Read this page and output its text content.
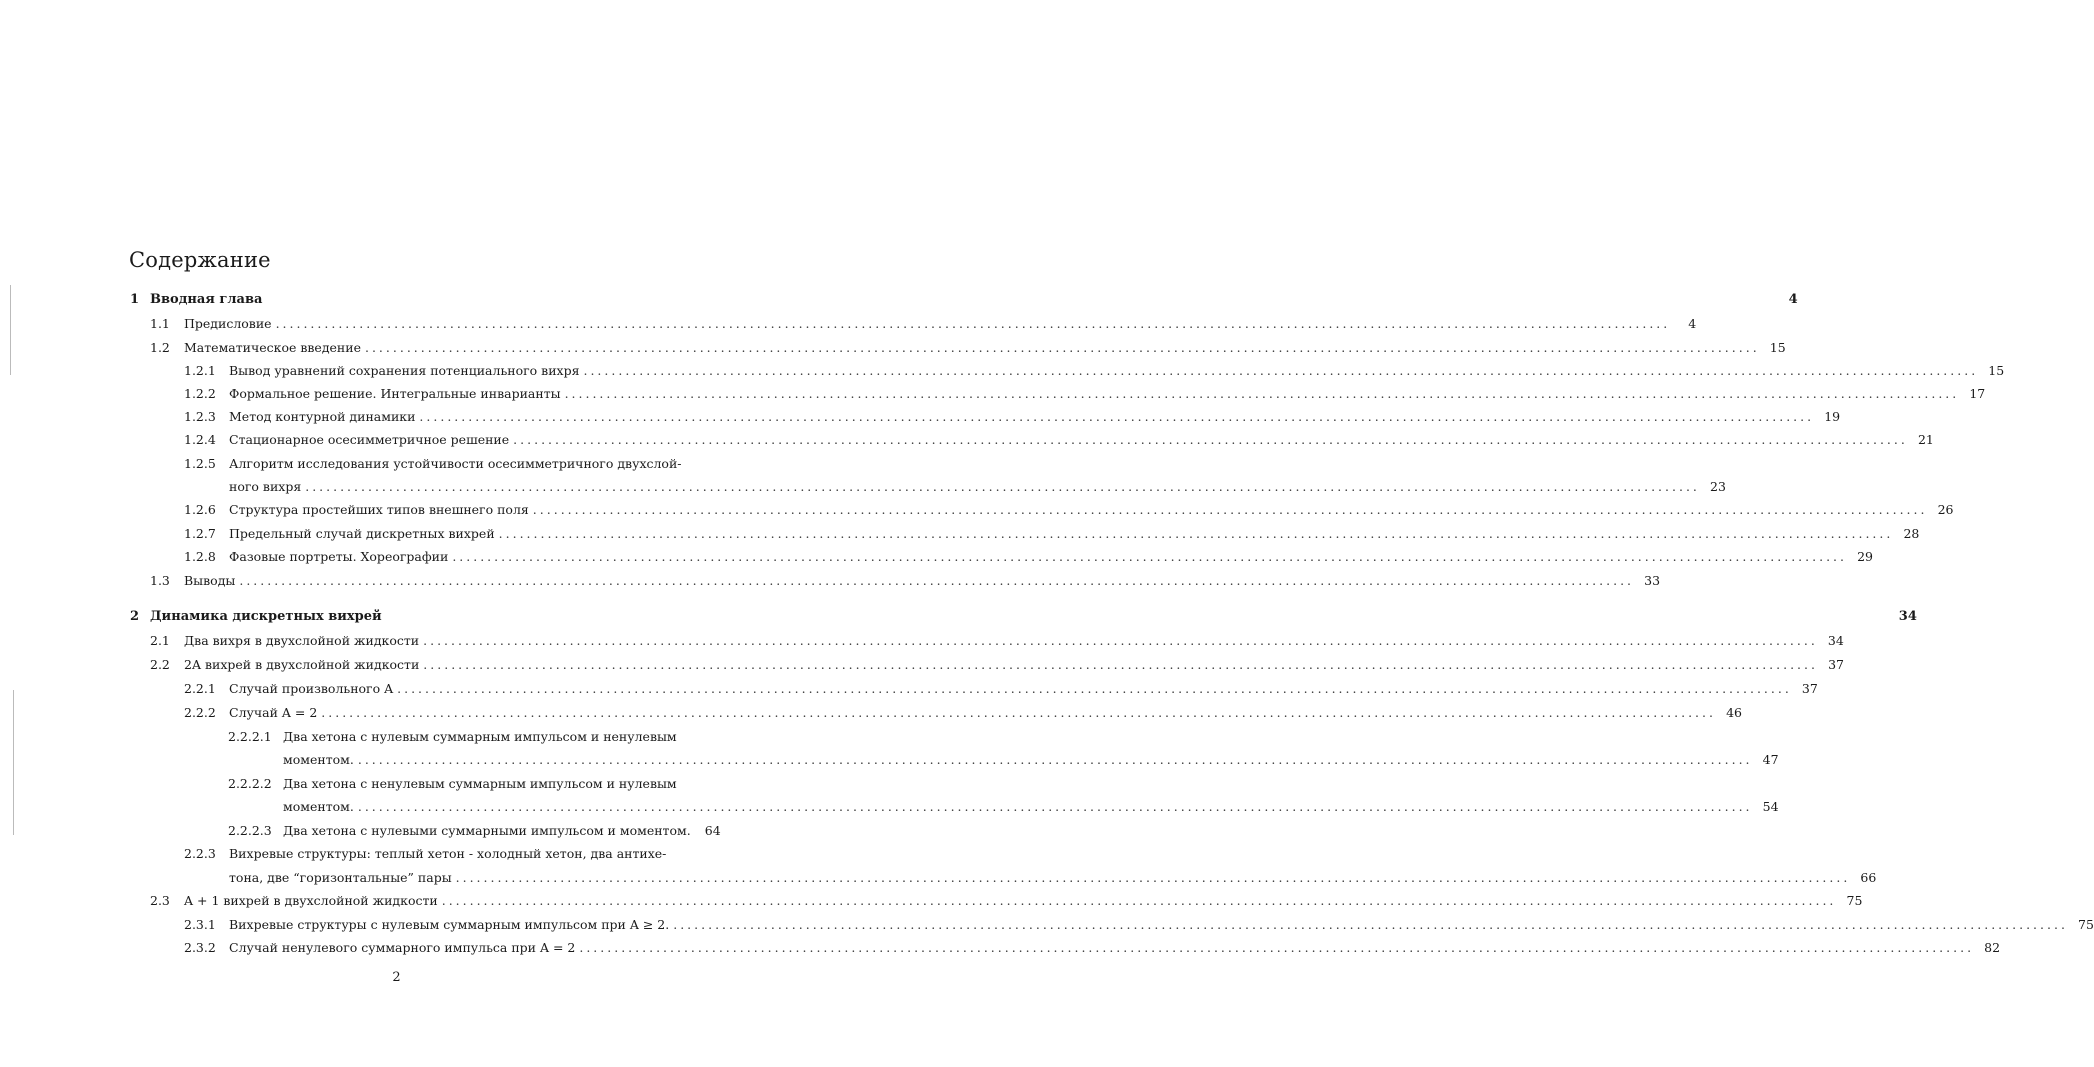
Содержание
1 Вводная глава	4
1.1	Предисловие ........................................................................................................................................................................................................	4
1.2	Математическое введение ........................................................................................................................................................................................................ 15
1.2.1	Вывод уравнений сохранения потенциального вихря ........................................................................................................................................................................................................ 15
1.2.2	Формальное решение. Интегральные инварианты ........................................................................................................................................................................................................ 17
1.2.3	Метод контурной динамики ........................................................................................................................................................................................................ 19
1.2.4	Стационарное осесимметричное решение ........................................................................................................................................................................................................ 21
1.2.5	Алгоритм исследования устойчивости осесимметричного двухслой-
ного вихря ........................................................................................................................................................................................................ 23
1.2.6	Структура простейших типов внешнего поля ........................................................................................................................................................................................................ 26
1.2.7	Предельный случай дискретных вихрей ........................................................................................................................................................................................................ 28
1.2.8	Фазовые портреты. Хореографии ........................................................................................................................................................................................................ 29
1.3	Выводы ........................................................................................................................................................................................................ 33
2 Динамика дискретных вихрей	34
2.1	Два вихря в двухслойной жидкости ........................................................................................................................................................................................................ 34
2.2	2A вихрей в двухслойной жидкости ........................................................................................................................................................................................................ 37
2.2.1	Случай произвольного A ........................................................................................................................................................................................................ 37
2.2.2	Случай A = 2 ........................................................................................................................................................................................................ 46
2.2.2.1 Два хетона с нулевым суммарным импульсом и ненулевым
моментом. ........................................................................................................................................................................................................ 47
2.2.2.2 Два хетона с ненулевым суммарным импульсом и нулевым
моментом. ........................................................................................................................................................................................................ 54
2.2.2.3 Два хетона с нулевыми суммарными импульсом и моментом.	64
2.2.3	Вихревые структуры: теплый хетон - холодный хетон, два антихе-
тона, две “горизонтальные” пары ........................................................................................................................................................................................................ 66
2.3	A + 1 вихрей в двухслойной жидкости ........................................................................................................................................................................................................ 75
2.3.1	Вихревые структуры с нулевым суммарным импульсом при A ≥ 2. ........................................................................................................................................................................................................ 75
2.3.2	Случай ненулевого суммарного импульса при A = 2 ........................................................................................................................................................................................................ 82
2
